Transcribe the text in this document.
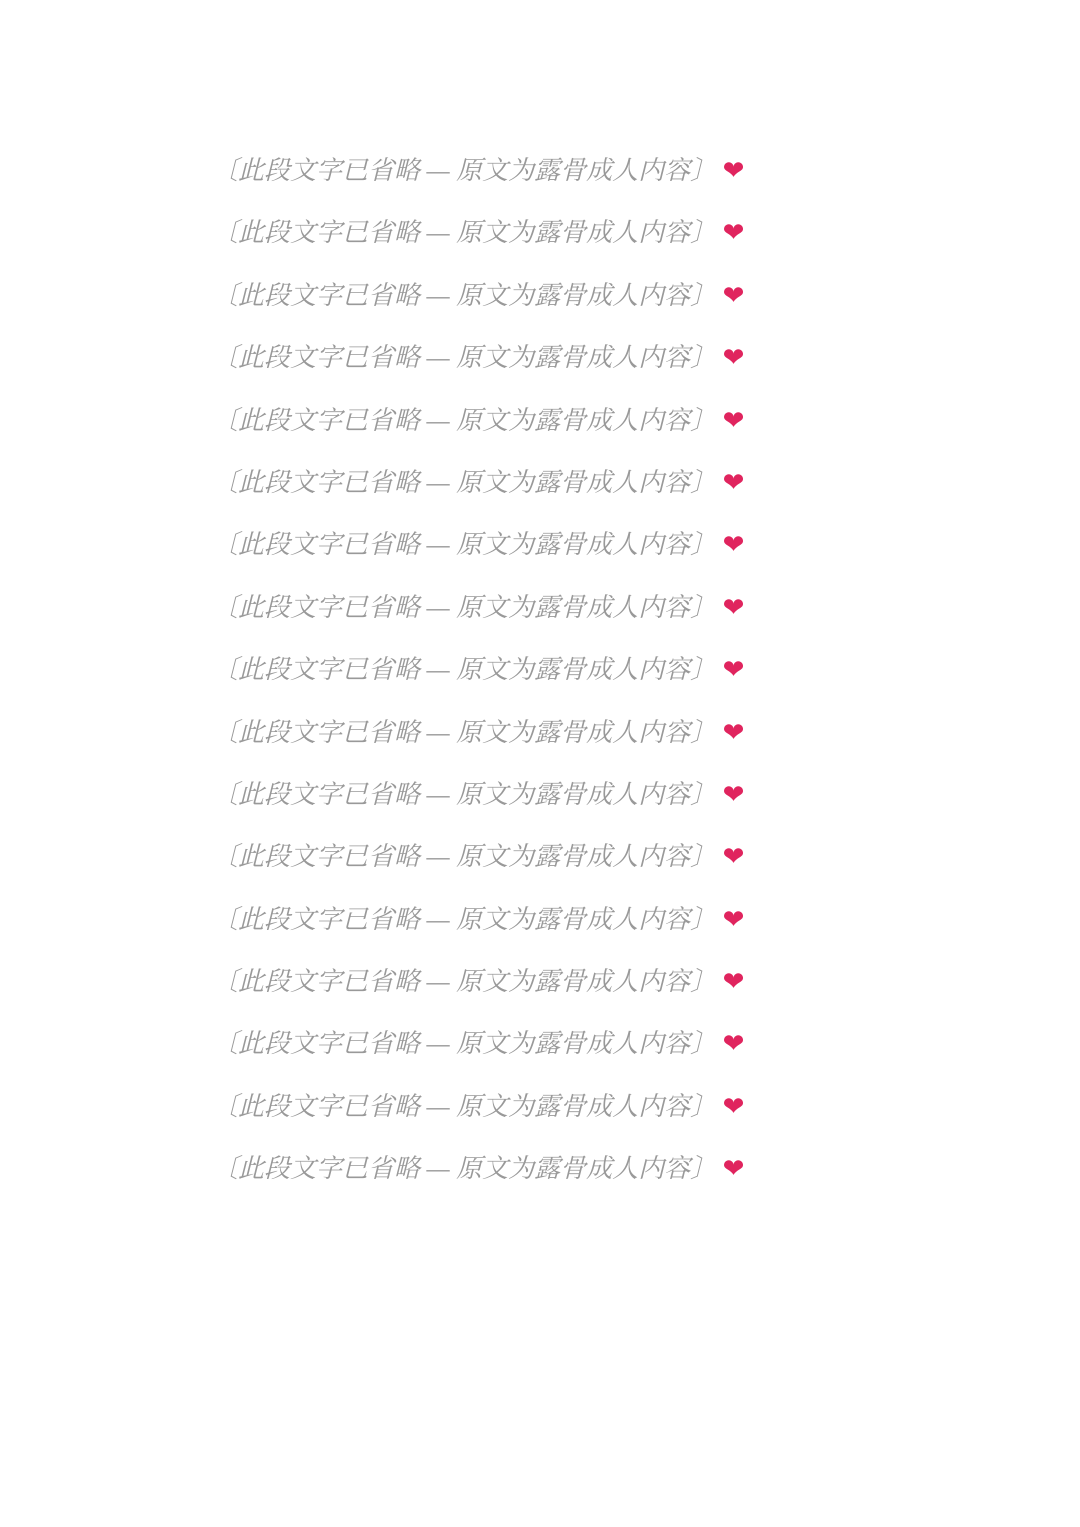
〔此段文字已省略 — 原文为露骨成人内容〕 ❤

〔此段文字已省略 — 原文为露骨成人内容〕 ❤

〔此段文字已省略 — 原文为露骨成人内容〕 ❤

〔此段文字已省略 — 原文为露骨成人内容〕 ❤

〔此段文字已省略 — 原文为露骨成人内容〕 ❤

〔此段文字已省略 — 原文为露骨成人内容〕 ❤

〔此段文字已省略 — 原文为露骨成人内容〕 ❤

〔此段文字已省略 — 原文为露骨成人内容〕 ❤

〔此段文字已省略 — 原文为露骨成人内容〕 ❤

〔此段文字已省略 — 原文为露骨成人内容〕 ❤

〔此段文字已省略 — 原文为露骨成人内容〕 ❤

〔此段文字已省略 — 原文为露骨成人内容〕 ❤

〔此段文字已省略 — 原文为露骨成人内容〕 ❤

〔此段文字已省略 — 原文为露骨成人内容〕 ❤

〔此段文字已省略 — 原文为露骨成人内容〕 ❤

〔此段文字已省略 — 原文为露骨成人内容〕 ❤

〔此段文字已省略 — 原文为露骨成人内容〕 ❤
